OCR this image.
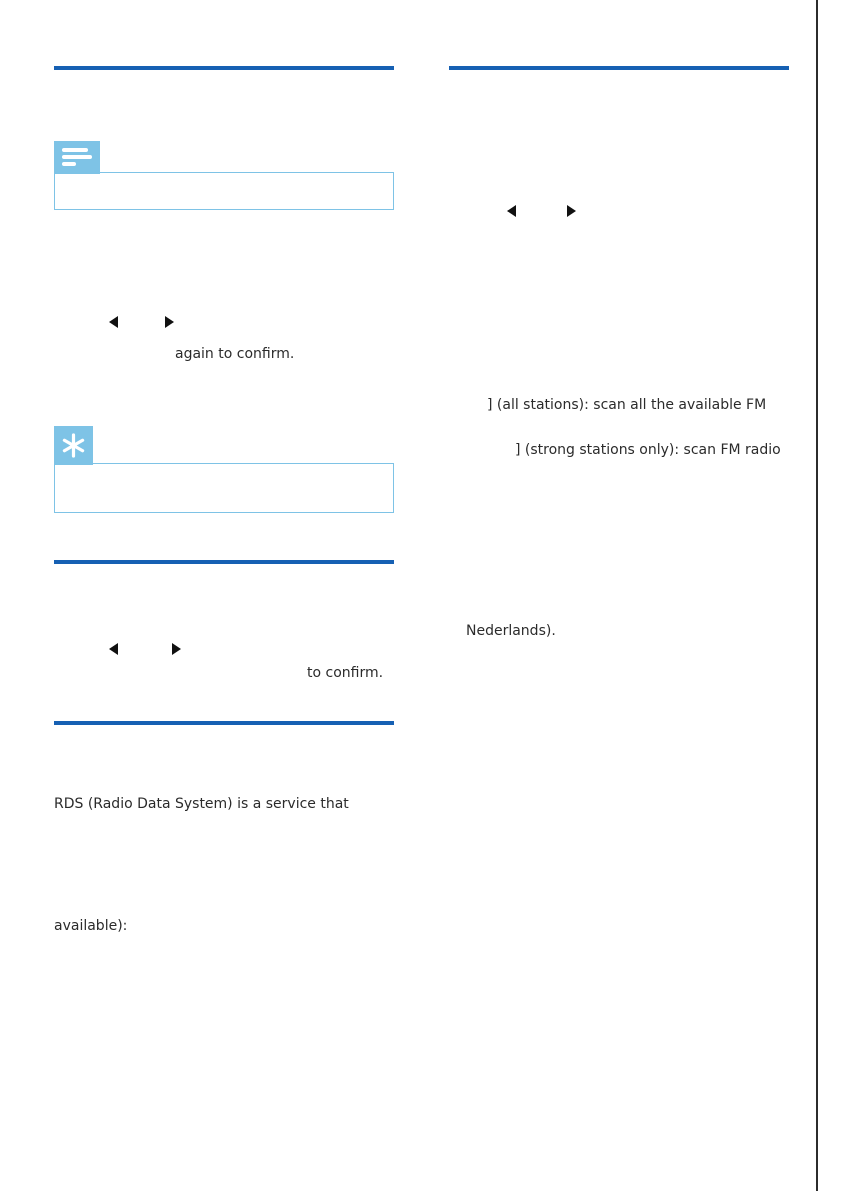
again to confirm.
to confirm.
RDS (Radio Data System) is a service that
available):
] (all stations): scan all the available FM
] (strong stations only): scan FM radio
Nederlands).
